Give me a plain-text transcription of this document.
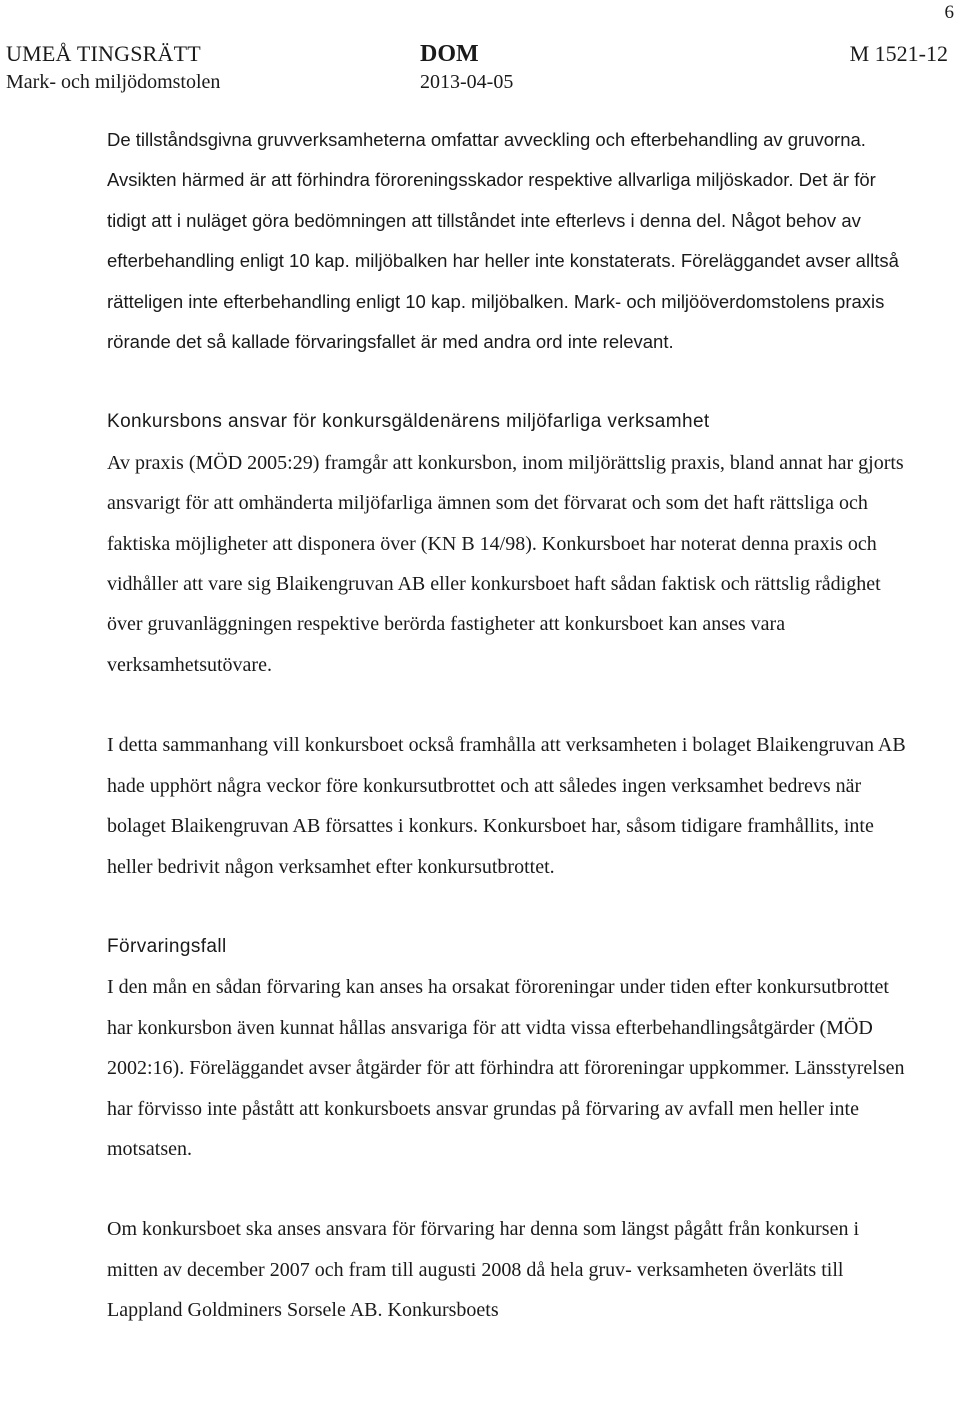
6
UMEÅ TINGSRÄTT
Mark- och miljödomstolen
DOM
2013-04-05
M 1521-12

De tillståndsgivna gruvverksamheterna omfattar avveckling och efterbehandling av gruvorna. Avsikten härmed är att förhindra föroreningsskador respektive allvarliga miljöskador. Det är för tidigt att i nuläget göra bedömningen att tillståndet inte efterlevs i denna del. Något behov av efterbehandling enligt 10 kap. miljöbalken har heller inte konstaterats. Föreläggandet avser alltså rätteligen inte efterbehandling enligt 10 kap. miljöbalken. Mark- och miljööverdomstolens praxis rörande det så kallade förvaringsfallet är med andra ord inte relevant.

Konkursbons ansvar för konkursgäldenärens miljöfarliga verksamhet

Av praxis (MÖD 2005:29) framgår att konkursbon, inom miljörättslig praxis, bland annat har gjorts ansvarigt för att omhänderta miljöfarliga ämnen som det förvarat och som det haft rättsliga och faktiska möjligheter att disponera över (KN B 14/98). Konkursboet har noterat denna praxis och vidhåller att vare sig Blaikengruvan AB eller konkursboet haft sådan faktisk och rättslig rådighet över gruvanläggningen respektive berörda fastigheter att konkursboet kan anses vara verksamhetsutövare.

I detta sammanhang vill konkursboet också framhålla att verksamheten i bolaget Blaikengruvan AB hade upphört några veckor före konkursutbrottet och att således ingen verksamhet bedrevs när bolaget Blaikengruvan AB försattes i konkurs. Konkursboet har, såsom tidigare framhållits, inte heller bedrivit någon verksamhet efter konkursutbrottet.

Förvaringsfall

I den mån en sådan förvaring kan anses ha orsakat föroreningar under tiden efter konkursutbrottet har konkursbon även kunnat hållas ansvariga för att vidta vissa efterbehandlingsåtgärder (MÖD 2002:16). Föreläggandet avser åtgärder för att förhindra att föroreningar uppkommer. Länsstyrelsen har förvisso inte påstått att konkursboets ansvar grundas på förvaring av avfall men heller inte motsatsen.

Om konkursboet ska anses ansvara för förvaring har denna som längst pågått från konkursen i mitten av december 2007 och fram till augusti 2008 då hela gruv- verksamheten överläts till Lappland Goldminers Sorsele AB. Konkursboets
